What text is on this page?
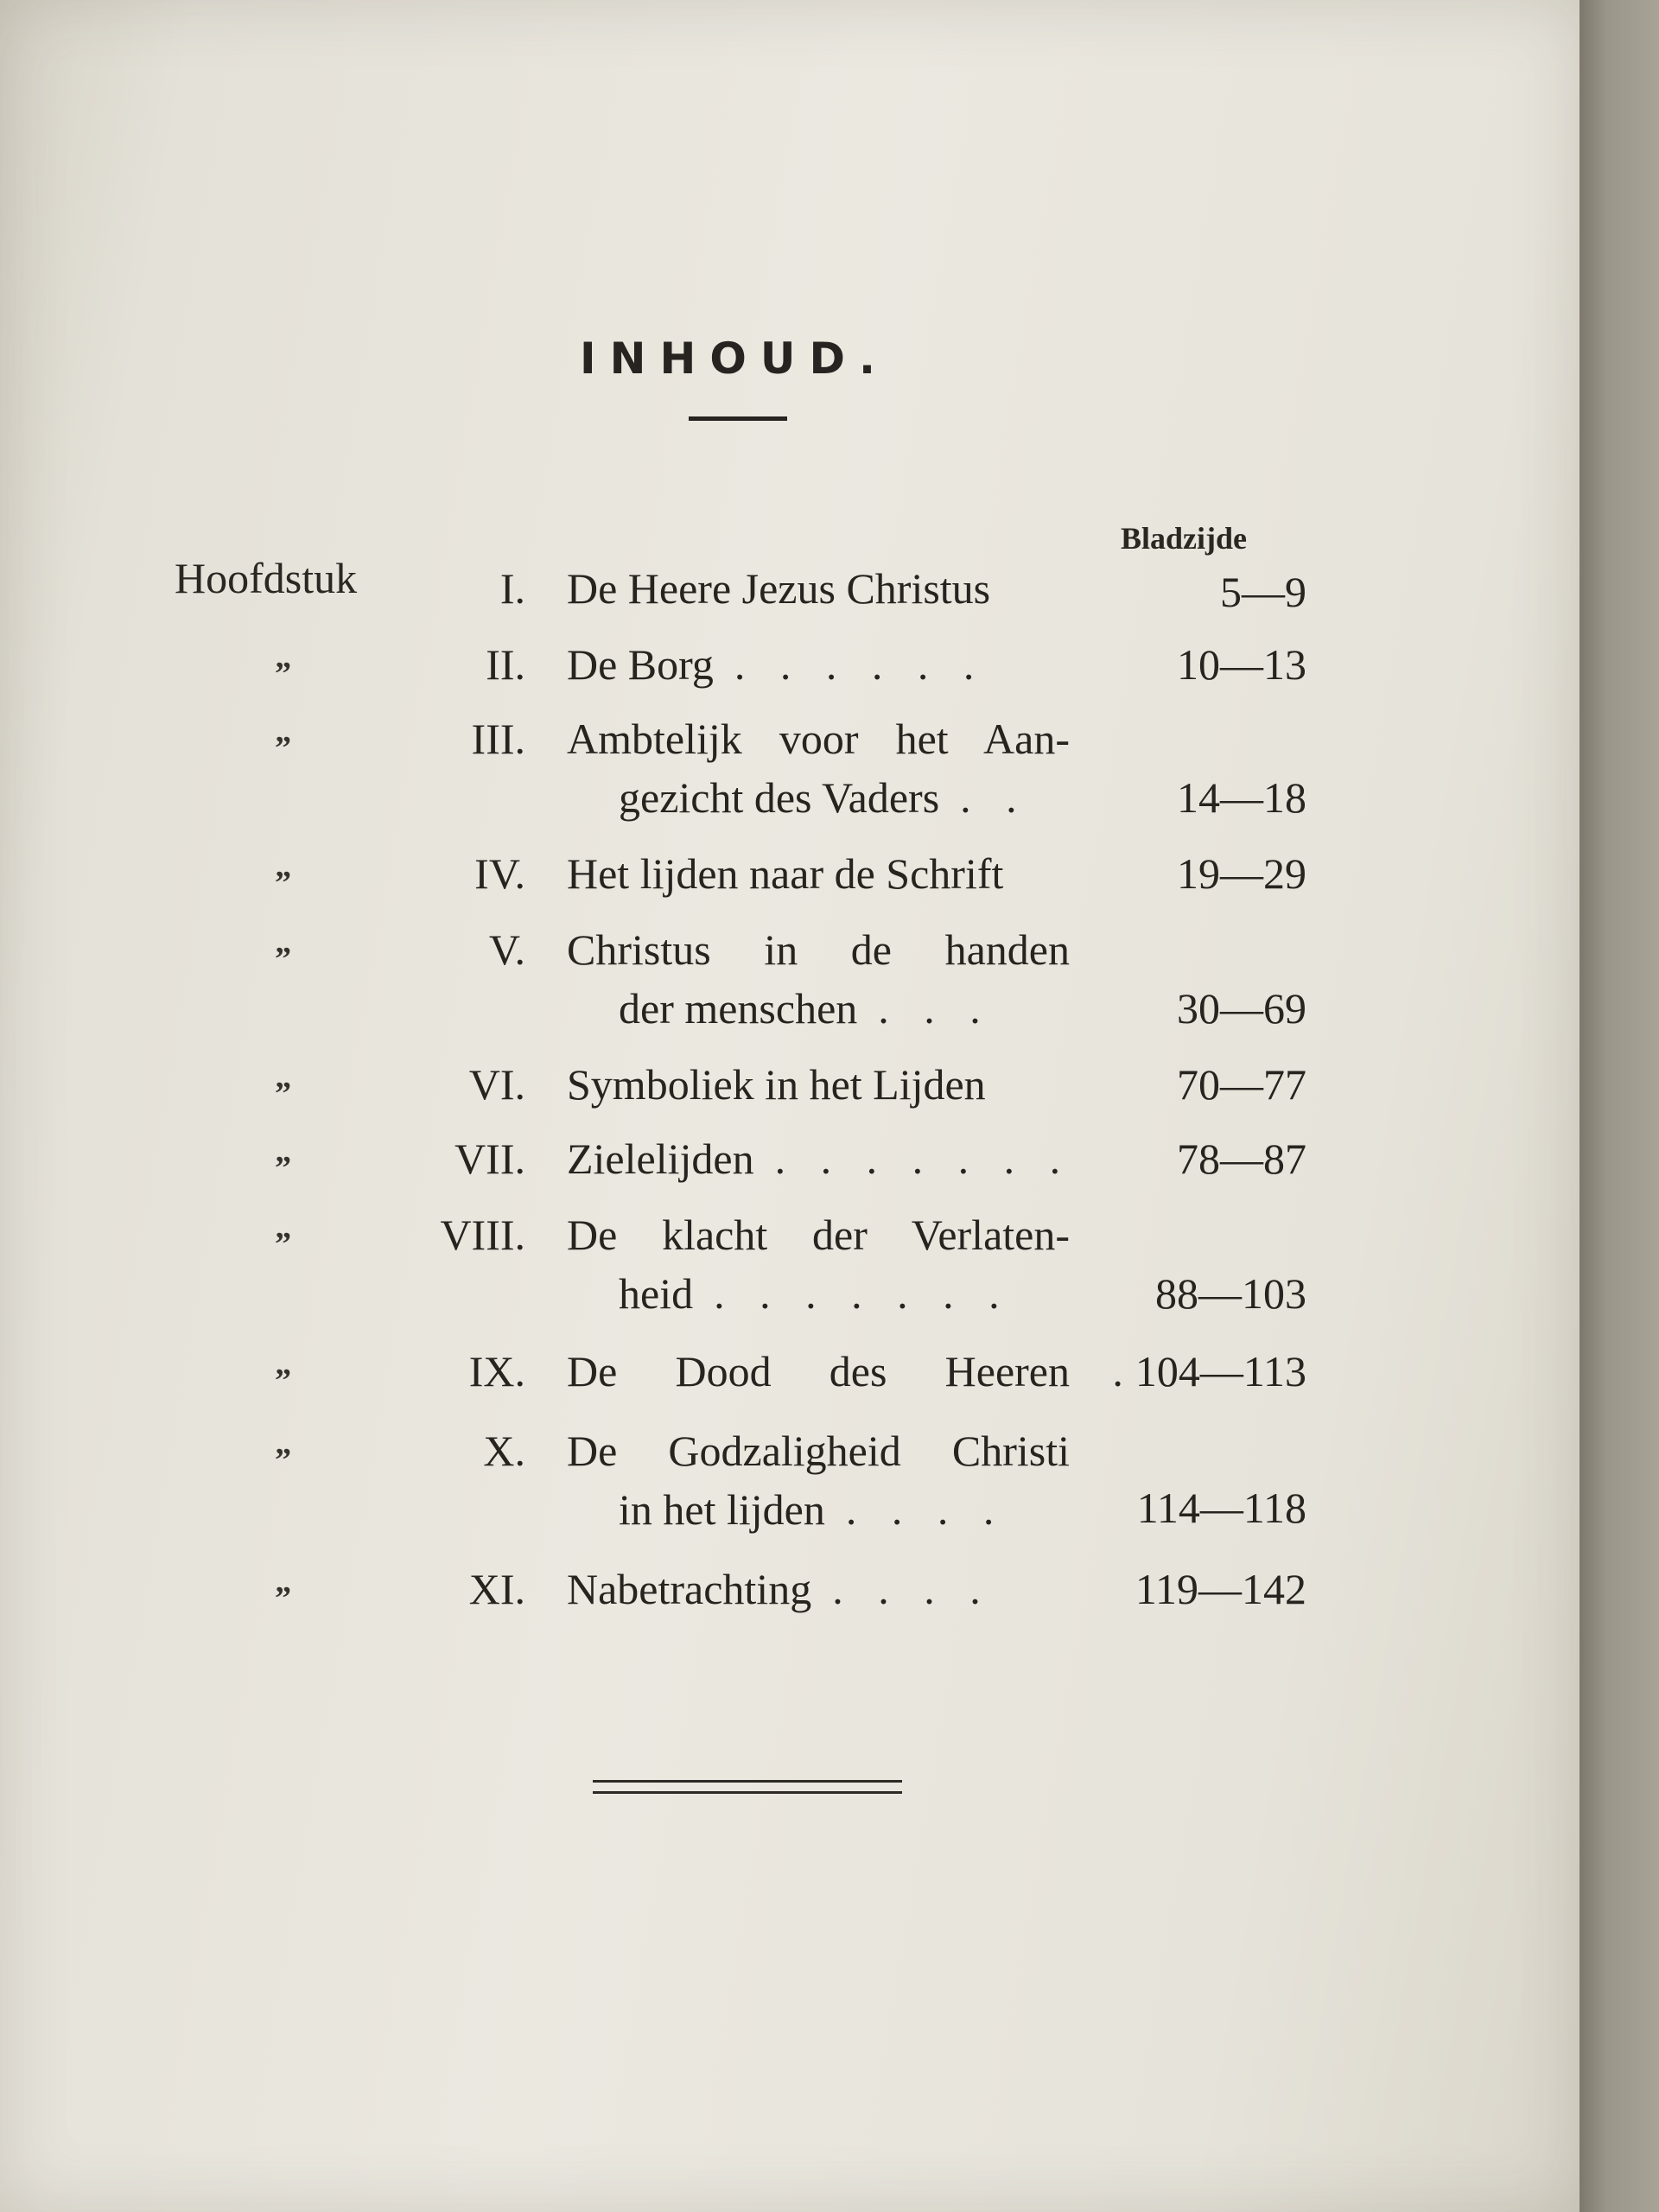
INHOUD.
Bladzijde
Hoofdstuk	I. De Heere Jezus Christus	5—9
”	II. De Borg . . . . . .	10—13
”	III. Ambtelijk voor het Aan-
gezicht des Vaders . .	14—18
”	IV. Het lijden naar de Schrift	19—29
”	V. Christus in de handen
der menschen . . .	30—69
”	VI. Symboliek in het Lijden	70—77
”	VII. Zielelijden . . . . . . .	78—87
”	VIII. De klacht der Verlaten-
heid . . . . . . .	88—103
”	IX. De Dood des Heeren .104—113
”	X. De Godzaligheid Christi
in het lijden . . . .	114—118
”	XI. Nabetrachting . . . .	119—142
